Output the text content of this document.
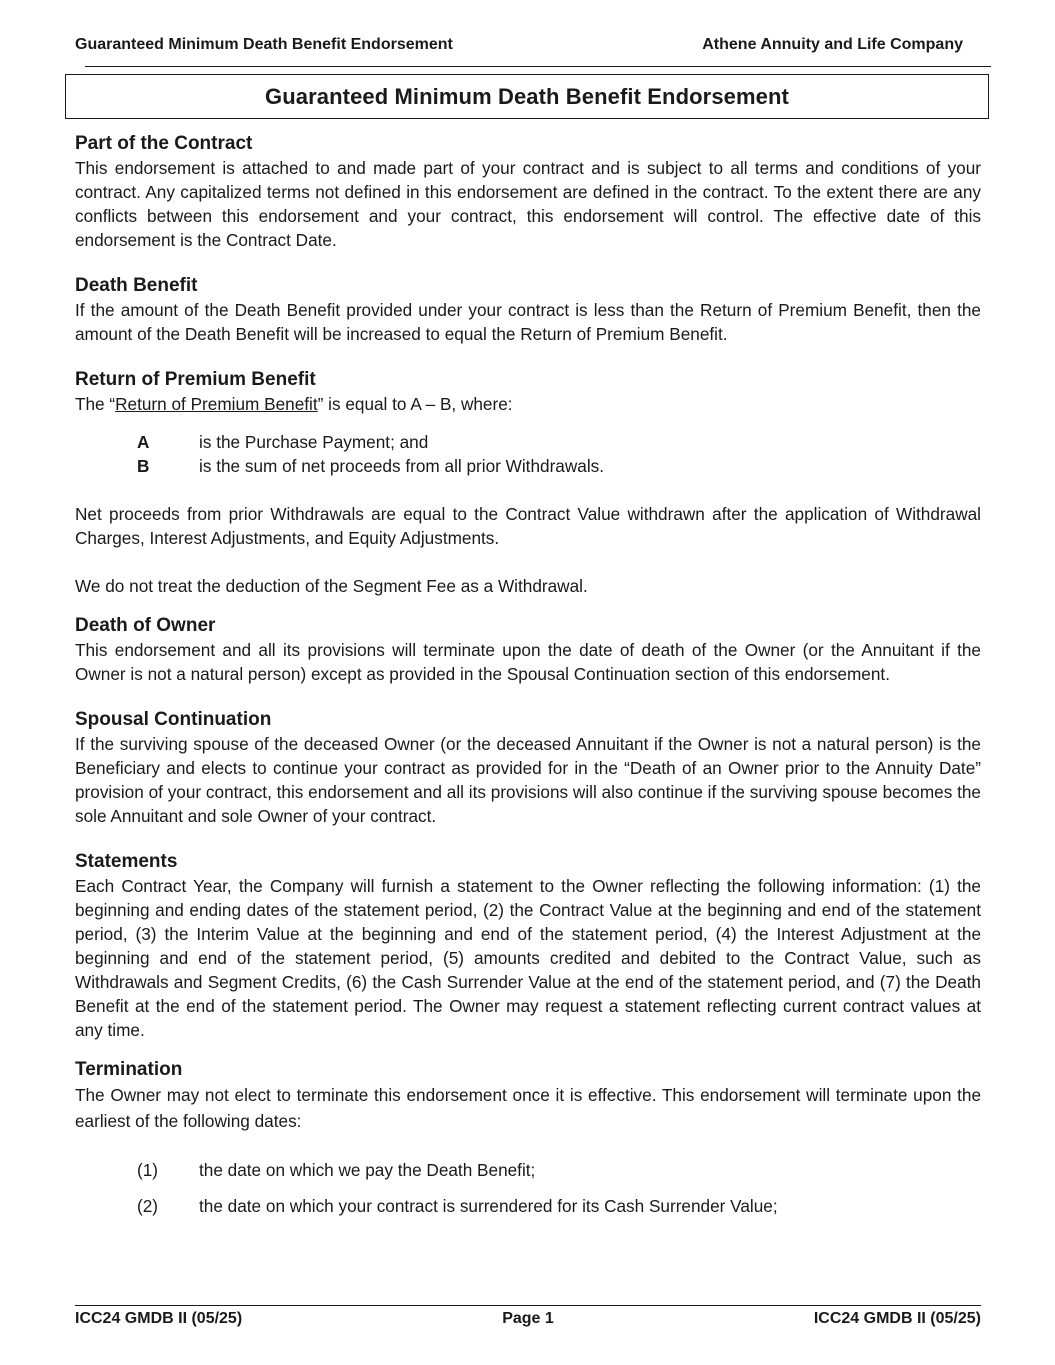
Guaranteed Minimum Death Benefit Endorsement	Athene Annuity and Life Company
Guaranteed Minimum Death Benefit Endorsement
Part of the Contract

This endorsement is attached to and made part of your contract and is subject to all terms and conditions of your contract. Any capitalized terms not defined in this endorsement are defined in the contract. To the extent there are any conflicts between this endorsement and your contract, this endorsement will control. The effective date of this endorsement is the Contract Date.

Death Benefit

If the amount of the Death Benefit provided under your contract is less than the Return of Premium Benefit, then the amount of the Death Benefit will be increased to equal the Return of Premium Benefit.

Return of Premium Benefit

The “Return of Premium Benefit” is equal to A – B, where:

A	is the Purchase Payment; and
B	is the sum of net proceeds from all prior Withdrawals.

Net proceeds from prior Withdrawals are equal to the Contract Value withdrawn after the application of Withdrawal Charges, Interest Adjustments, and Equity Adjustments.

We do not treat the deduction of the Segment Fee as a Withdrawal.

Death of Owner

This endorsement and all its provisions will terminate upon the date of death of the Owner (or the Annuitant if the Owner is not a natural person) except as provided in the Spousal Continuation section of this endorsement.

Spousal Continuation

If the surviving spouse of the deceased Owner (or the deceased Annuitant if the Owner is not a natural person) is the Beneficiary and elects to continue your contract as provided for in the “Death of an Owner prior to the Annuity Date” provision of your contract, this endorsement and all its provisions will also continue if the surviving spouse becomes the sole Annuitant and sole Owner of your contract.

Statements

Each Contract Year, the Company will furnish a statement to the Owner reflecting the following information: (1) the beginning and ending dates of the statement period, (2) the Contract Value at the beginning and end of the statement period, (3) the Interim Value at the beginning and end of the statement period, (4) the Interest Adjustment at the beginning and end of the statement period, (5) amounts credited and debited to the Contract Value, such as Withdrawals and Segment Credits, (6) the Cash Surrender Value at the end of the statement period, and (7) the Death Benefit at the end of the statement period. The Owner may request a statement reflecting current contract values at any time.

Termination

The Owner may not elect to terminate this endorsement once it is effective. This endorsement will terminate upon the earliest of the following dates:

(1)	the date on which we pay the Death Benefit;
(2)	the date on which your contract is surrendered for its Cash Surrender Value;
ICC24 GMDB II (05/25)	Page 1	ICC24 GMDB II (05/25)
